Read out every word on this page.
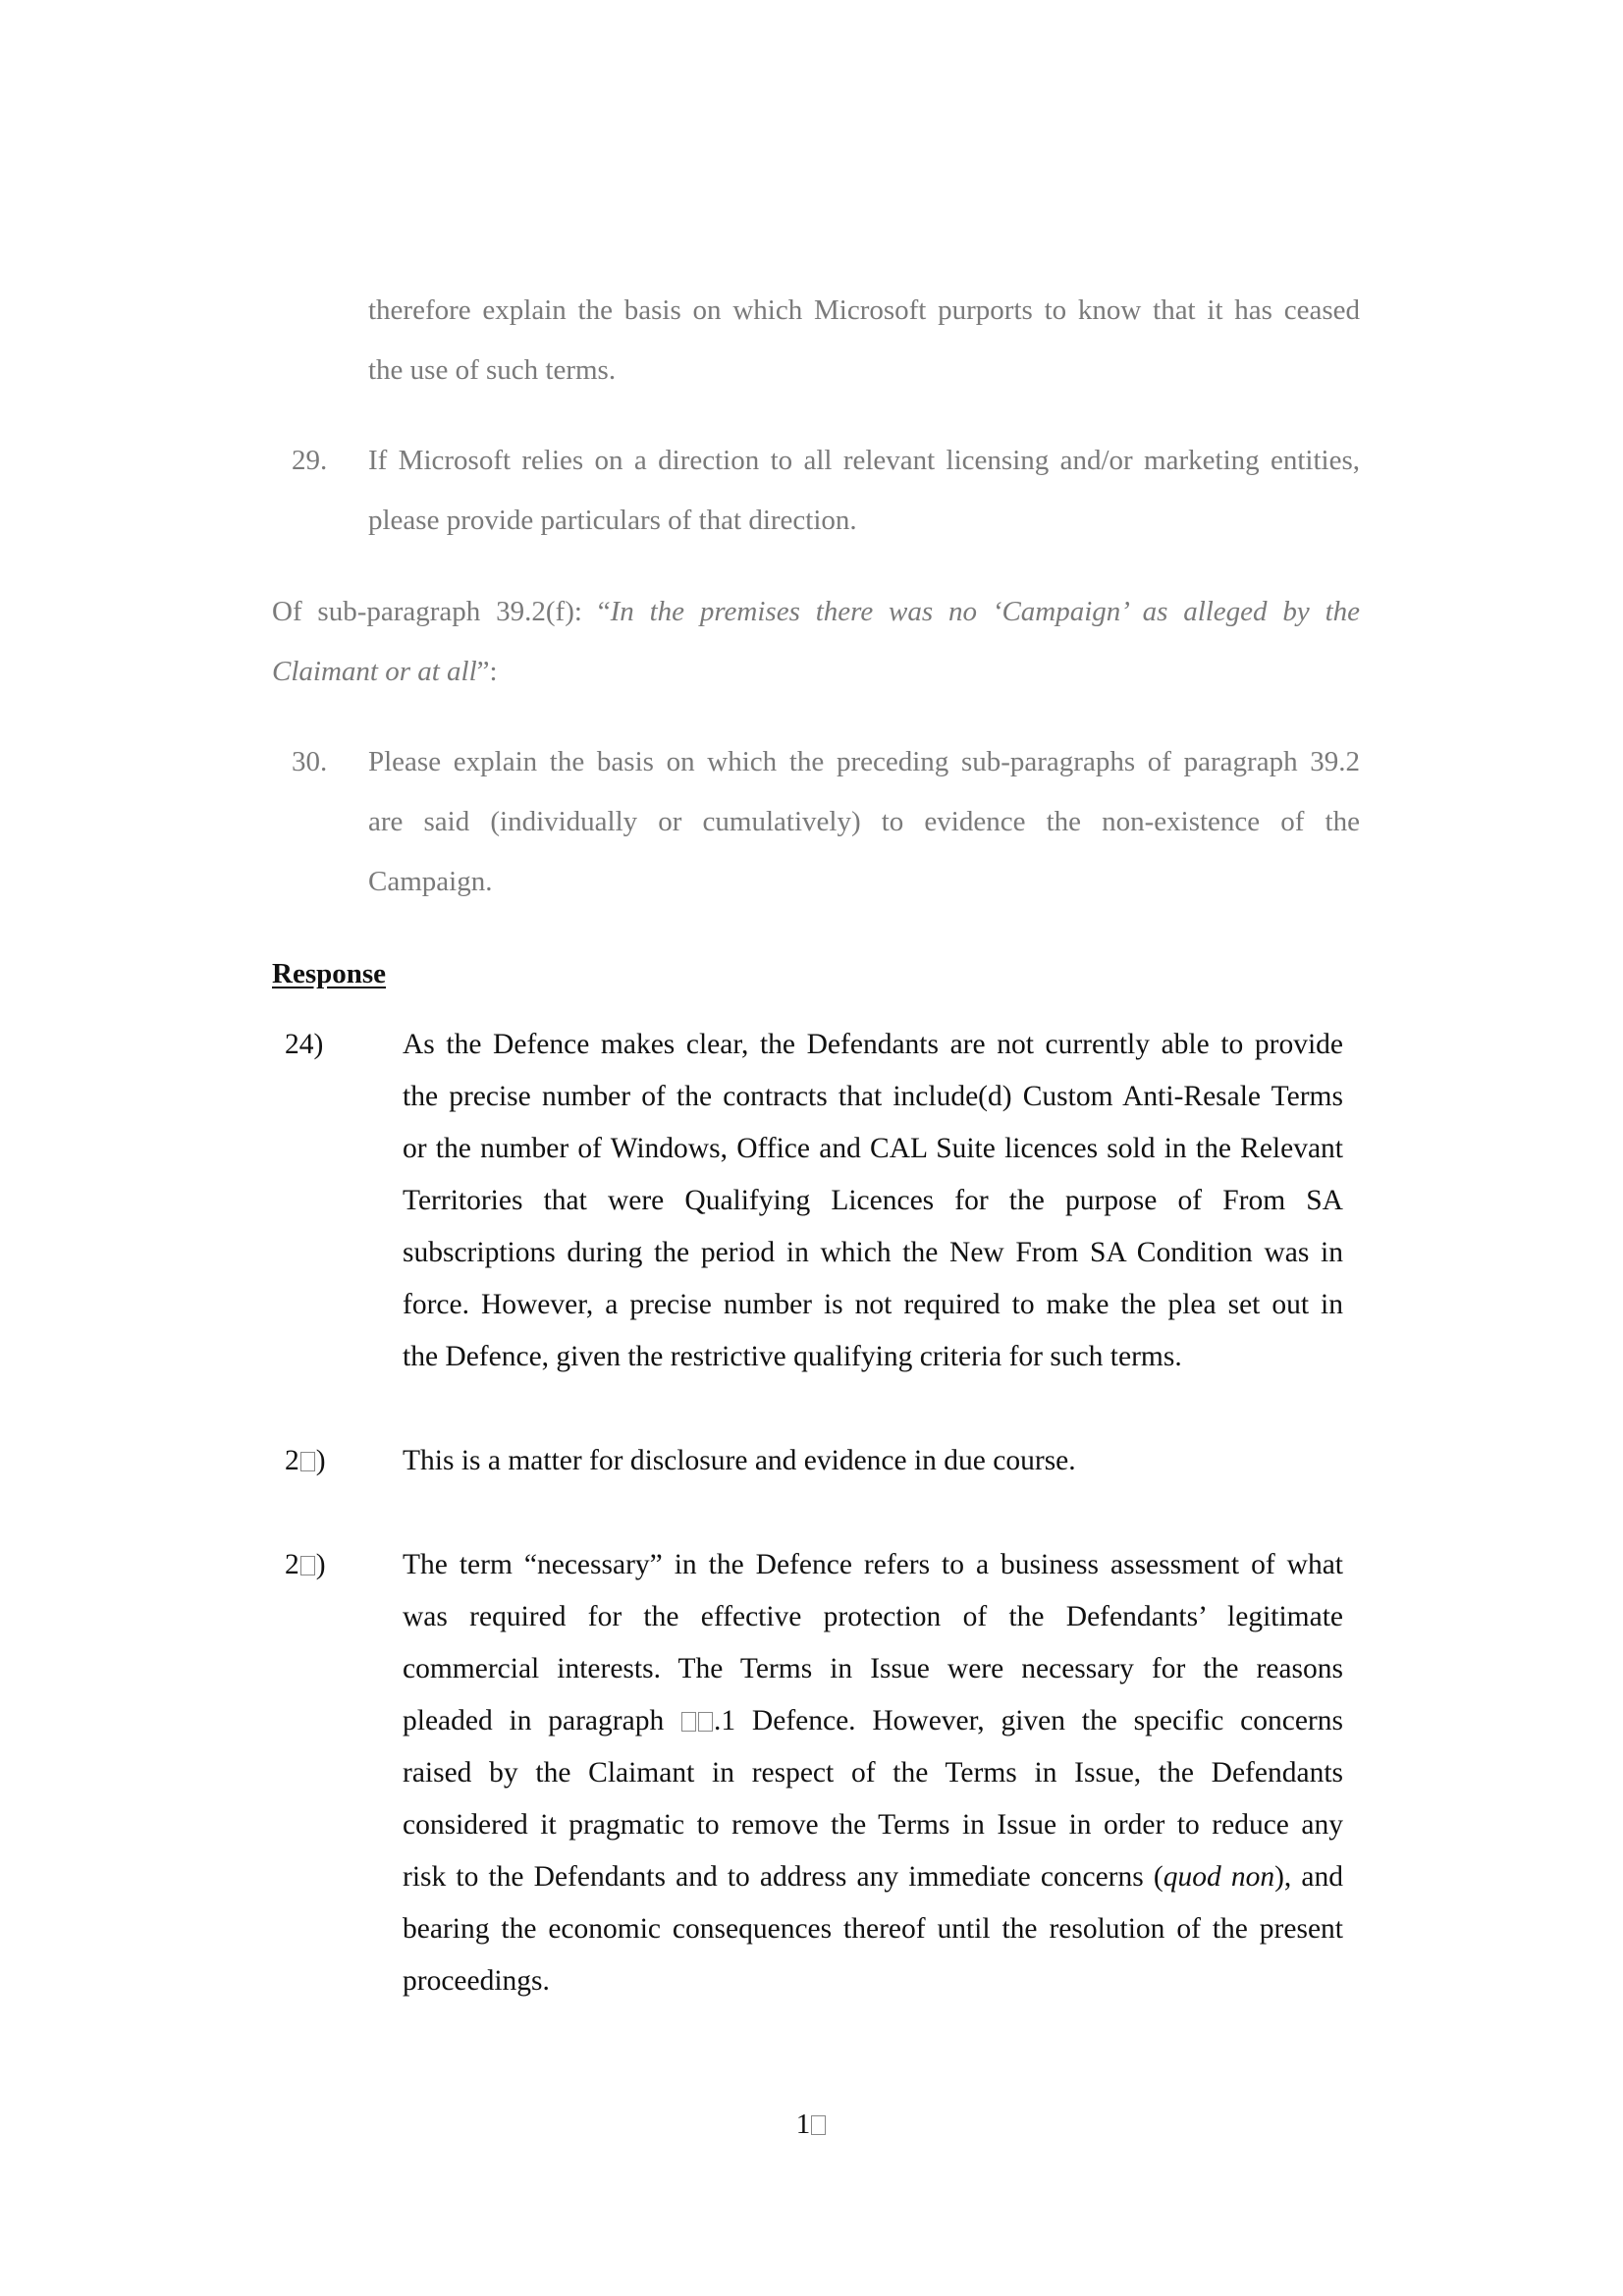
therefore explain the basis on which Microsoft purports to know that it has ceased
the use of such terms.
29. If Microsoft relies on a direction to all relevant licensing and/or marketing entities,
please provide particulars of that direction.
Of sub-paragraph 39.2(f): “In the premises there was no ‘Campaign’ as alleged by the
Claimant or at all”:
30. Please explain the basis on which the preceding sub-paragraphs of paragraph 39.2
are said (individually or cumulatively) to evidence the non-existence of the
Campaign.
Response
24)	As the Defence makes clear, the Defendants are not currently able to provide
the precise number of the contracts that include(d) Custom Anti-Resale Terms
or the number of Windows, Office and CAL Suite licences sold in the Relevant
Territories that were Qualifying Licences for the purpose of From SA
subscriptions during the period in which the New From SA Condition was in
force. However, a precise number is not required to make the plea set out in
the Defence, given the restrictive qualifying criteria for such terms.
2 )	This is a matter for disclosure and evidence in due course.
2 )	The term “necessary” in the Defence refers to a business assessment of what
was required for the effective protection of the Defendants’ legitimate
commercial interests. The Terms in Issue were necessary for the reasons
pleaded in paragraph .1 Defence. However, given the specific concerns
raised by the Claimant in respect of the Terms in Issue, the Defendants
considered it pragmatic to remove the Terms in Issue in order to reduce any
risk to the Defendants and to address any immediate concerns (quod non), and
bearing the economic consequences thereof until the resolution of the present
proceedings.
1
